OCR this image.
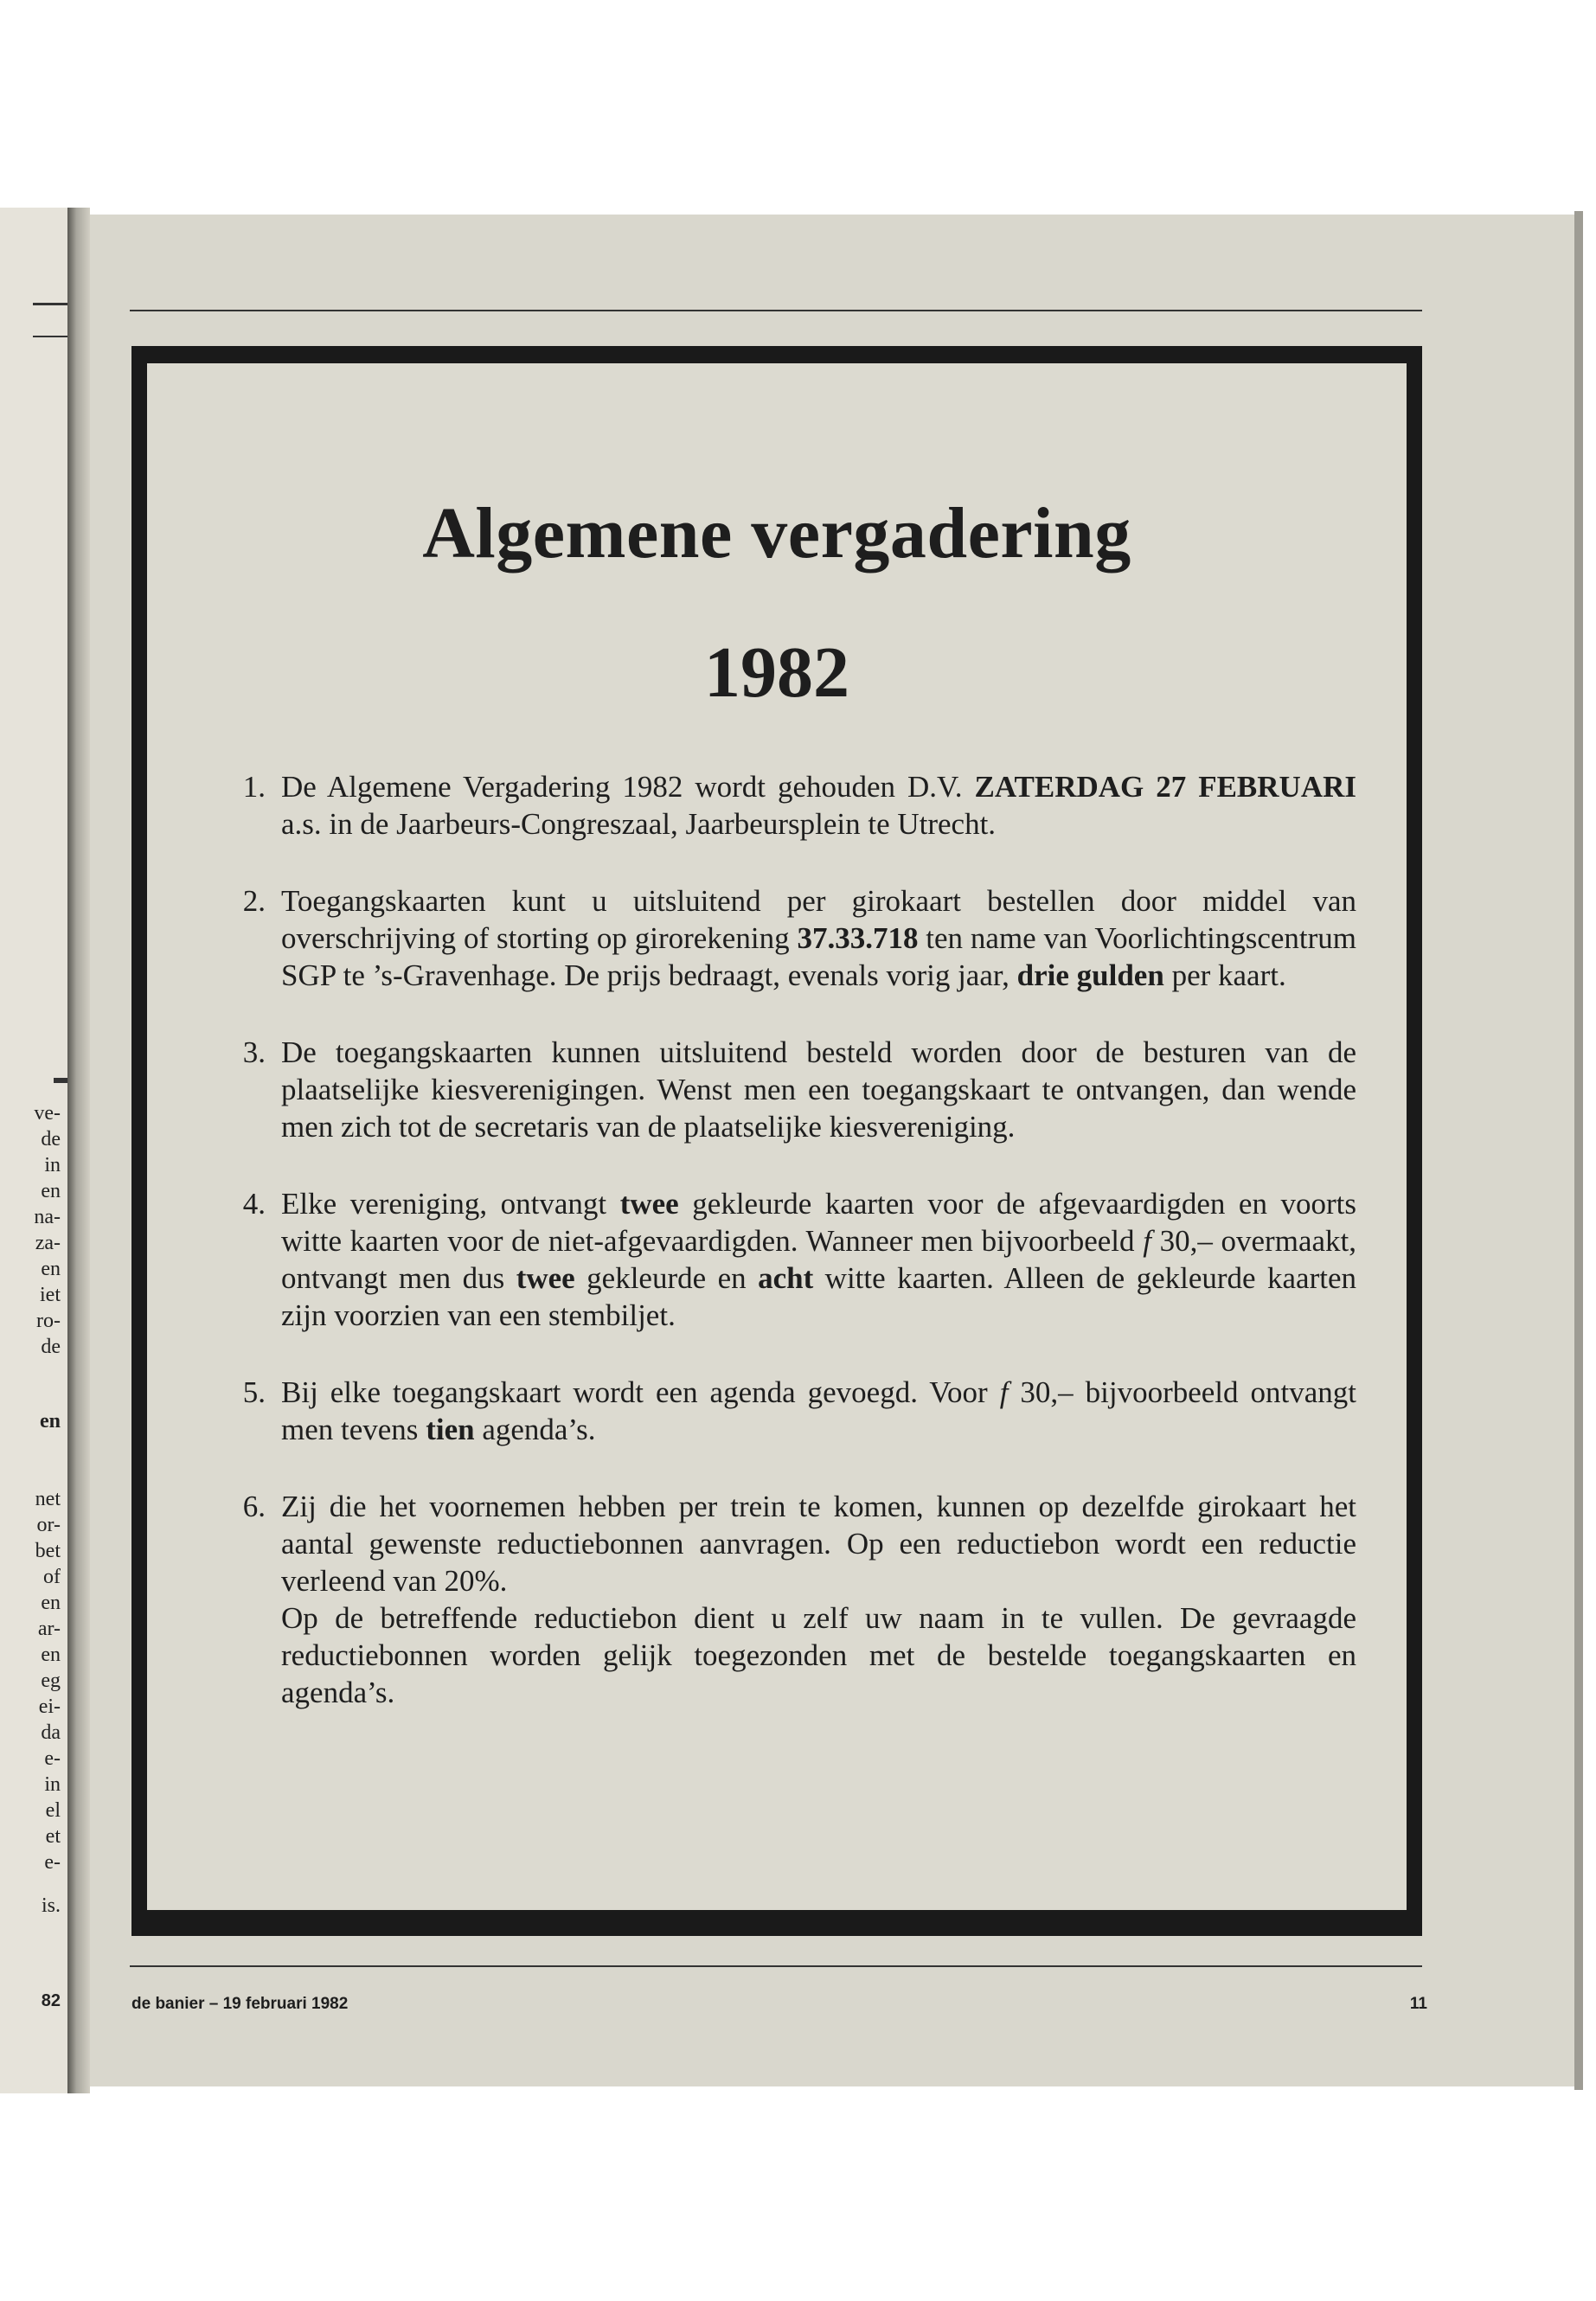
ve-
de
in
en
na-
za-
en
iet
ro-
de
en
net
or-
bet
of
en
ar-
en
eg
ei-
da
e-
in
el
et
e-
is.
82
Algemene vergadering
1982
1. De Algemene Vergadering 1982 wordt gehouden D.V. ZATERDAG 27 FEBRUARI a.s. in de Jaarbeurs-Congreszaal, Jaarbeursplein te Utrecht.

2. Toegangskaarten kunt u uitsluitend per girokaart bestellen door middel van overschrijving of storting op girorekening 37.33.718 ten name van Voorlichtingscentrum SGP te ’s-Gravenhage. De prijs bedraagt, evenals vorig jaar, drie gulden per kaart.

3. De toegangskaarten kunnen uitsluitend besteld worden door de besturen van de plaatselijke kiesverenigingen. Wenst men een toegangskaart te ontvangen, dan wende men zich tot de secretaris van de plaatselijke kiesvereniging.

4. Elke vereniging, ontvangt twee gekleurde kaarten voor de afgevaardigden en voorts witte kaarten voor de niet-afgevaardigden. Wanneer men bijvoorbeeld f 30,– overmaakt, ontvangt men dus twee gekleurde en acht witte kaarten. Alleen de gekleurde kaarten zijn voorzien van een stembiljet.

5. Bij elke toegangskaart wordt een agenda gevoegd. Voor f 30,– bijvoorbeeld ontvangt men tevens tien agenda’s.

6. Zij die het voornemen hebben per trein te komen, kunnen op dezelfde girokaart het aantal gewenste reductiebonnen aanvragen. Op een reductiebon wordt een reductie verleend van 20%.

Op de betreffende reductiebon dient u zelf uw naam in te vullen. De gevraagde reductiebonnen worden gelijk toegezonden met de bestelde toegangskaarten en agenda’s.

de banier – 19 februari 1982	11
